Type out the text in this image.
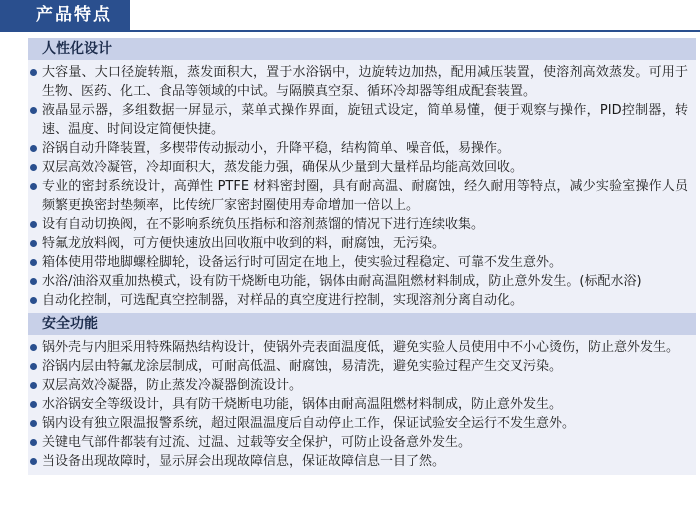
产品特点
人性化设计
大容量、大口径旋转瓶，蒸发面积大，置于水浴锅中，边旋转边加热，配用减压装置，使溶剂高效蒸发。可用于生物、医药、化工、食品等领域的中试。与隔膜真空泵、循环冷却器等组成配套装置。
液晶显示器，多组数据一屏显示，菜单式操作界面，旋钮式设定，简单易懂，便于观察与操作，PID控制器，转速、温度、时间设定简便快捷。
浴锅自动升降装置，多楔带传动振动小，升降平稳，结构简单、噪音低，易操作。
双层高效冷凝管，冷却面积大，蒸发能力强，确保从少量到大量样品均能高效回收。
专业的密封系统设计，高弹性 PTFE 材料密封圈，具有耐高温、耐腐蚀，经久耐用等特点，减少实验室操作人员频繁更换密封垫频率，比传统厂家密封圈使用寿命增加一倍以上。
设有自动切换阀，在不影响系统负压指标和溶剂蒸馏的情况下进行连续收集。
特氟龙放料阀，可方便快速放出回收瓶中收到的料，耐腐蚀，无污染。
箱体使用带地脚螺栓脚轮，设备运行时可固定在地上，使实验过程稳定、可靠不发生意外。
水浴/油浴双重加热模式，设有防干烧断电功能，锅体由耐高温阻燃材料制成，防止意外发生。(标配水浴)
自动化控制，可选配真空控制器，对样品的真空度进行控制，实现溶剂分离自动化。
安全功能
锅外壳与内胆采用特殊隔热结构设计，使锅外壳表面温度低，避免实验人员使用中不小心烫伤，防止意外发生。
浴锅内层由特氟龙涂层制成，可耐高低温、耐腐蚀，易清洗，避免实验过程产生交叉污染。
双层高效冷凝器，防止蒸发冷凝器倒流设计。
水浴锅安全等级设计，具有防干烧断电功能，锅体由耐高温阻燃材料制成，防止意外发生。
锅内设有独立限温报警系统，超过限温温度后自动停止工作，保证试验安全运行不发生意外。
关键电气部件都装有过流、过温、过载等安全保护，可防止设备意外发生。
当设备出现故障时，显示屏会出现故障信息，保证故障信息一目了然。
